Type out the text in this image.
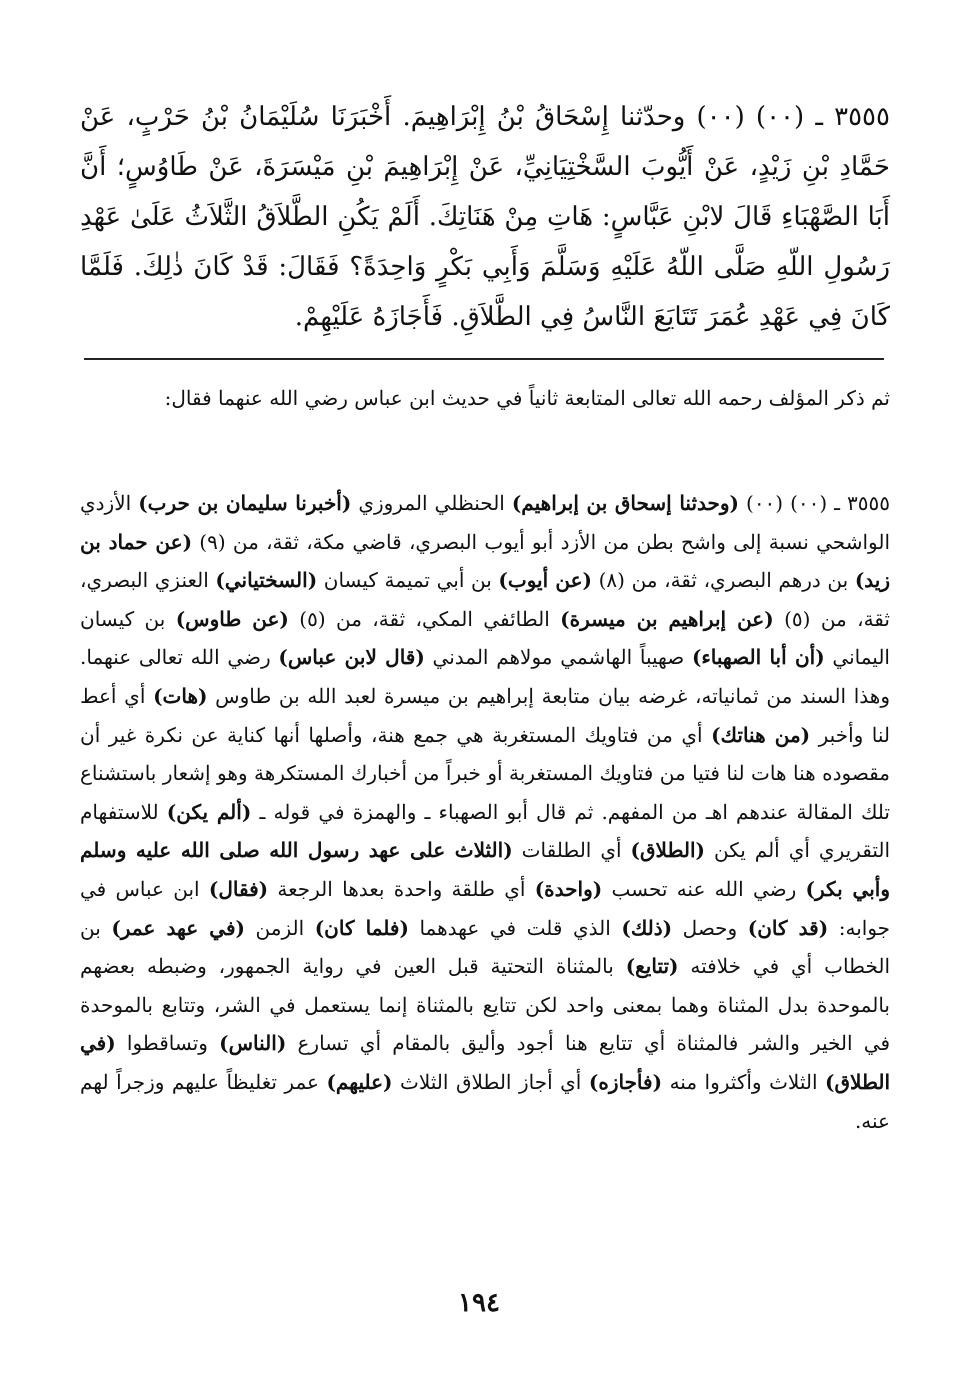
٣٥٥٥ ـ (٠٠) (٠٠) وحدّثنا إِسْحَاقُ بْنُ إِبْرَاهِيمَ. أَخْبَرَنَا سُلَيْمَانُ بْنُ حَرْبٍ، عَنْ حَمَّادِ بْنِ زَيْدٍ، عَنْ أَيُّوبَ السَّخْتِيَانِيِّ، عَنْ إِبْرَاهِيمَ بْنِ مَيْسَرَةَ، عَنْ طَاوُسٍ؛ أَنَّ أَبَا الصَّهْبَاءِ قَالَ لابْنِ عَبَّاسٍ: هَاتِ مِنْ هَنَاتِكَ. أَلَمْ يَكُنِ الطَّلاَقُ الثَّلاَثُ عَلَىٰ عَهْدِ رَسُولِ اللّهِ صَلَّى اللّهُ عَلَيْهِ وَسَلَّمَ وَأَبِي بَكْرٍ وَاحِدَةً؟ فَقَالَ: قَدْ كَانَ ذٰلِكَ. فَلَمَّا كَانَ فِي عَهْدِ عُمَرَ تَتَايَعَ النَّاسُ فِي الطَّلاَقِ. فَأَجَازَهُ عَلَيْهِمْ.

ثم ذكر المؤلف رحمه الله تعالى المتابعة ثانياً في حديث ابن عباس رضي الله عنهما فقال:

٣٥٥٥ ـ (٠٠) (٠٠) (وحدثنا إسحاق بن إبراهيم) الحنظلي المروزي (أخبرنا سليمان بن حرب) الأزدي الواشحي نسبة إلى واشح بطن من الأزد أبو أيوب البصري، قاضي مكة، ثقة، من (٩) (عن حماد بن زيد) بن درهم البصري، ثقة، من (٨) (عن أيوب) بن أبي تميمة كيسان (السختياني) العنزي البصري، ثقة، من (٥) (عن إبراهيم بن ميسرة) الطائفي المكي، ثقة، من (٥) (عن طاوس) بن كيسان اليماني (أن أبا الصهباء) صهيباً الهاشمي مولاهم المدني (قال لابن عباس) رضي الله تعالى عنهما. وهذا السند من ثمانياته، غرضه بيان متابعة إبراهيم بن ميسرة لعبد الله بن طاوس (هات) أي أعط لنا وأخبر (من هناتك) أي من فتاويك المستغربة هي جمع هنة، وأصلها أنها كناية عن نكرة غير أن مقصوده هنا هات لنا فتيا من فتاويك المستغربة أو خبراً من أخبارك المستكرهة وهو إشعار باستشناع تلك المقالة عندهم اهـ من المفهم. ثم قال أبو الصهباء ـ والهمزة في قوله ـ (ألم يكن) للاستفهام التقريري أي ألم يكن (الطلاق) أي الطلقات (الثلاث على عهد رسول الله صلى الله عليه وسلم وأبي بكر) رضي الله عنه تحسب (واحدة) أي طلقة واحدة بعدها الرجعة (فقال) ابن عباس في جوابه: (قد كان) وحصل (ذلك) الذي قلت في عهدهما (فلما كان) الزمن (في عهد عمر) بن الخطاب أي في خلافته (تتايع) بالمثناة التحتية قبل العين في رواية الجمهور، وضبطه بعضهم بالموحدة بدل المثناة وهما بمعنى واحد لكن تتايع بالمثناة إنما يستعمل في الشر، وتتابع بالموحدة في الخير والشر فالمثناة أي تتايع هنا أجود وأليق بالمقام أي تسارع (الناس) وتساقطوا (في الطلاق) الثلاث وأكثروا منه (فأجازه) أي أجاز الطلاق الثلاث (عليهم) عمر تغليظاً عليهم وزجراً لهم عنه.

١٩٤
